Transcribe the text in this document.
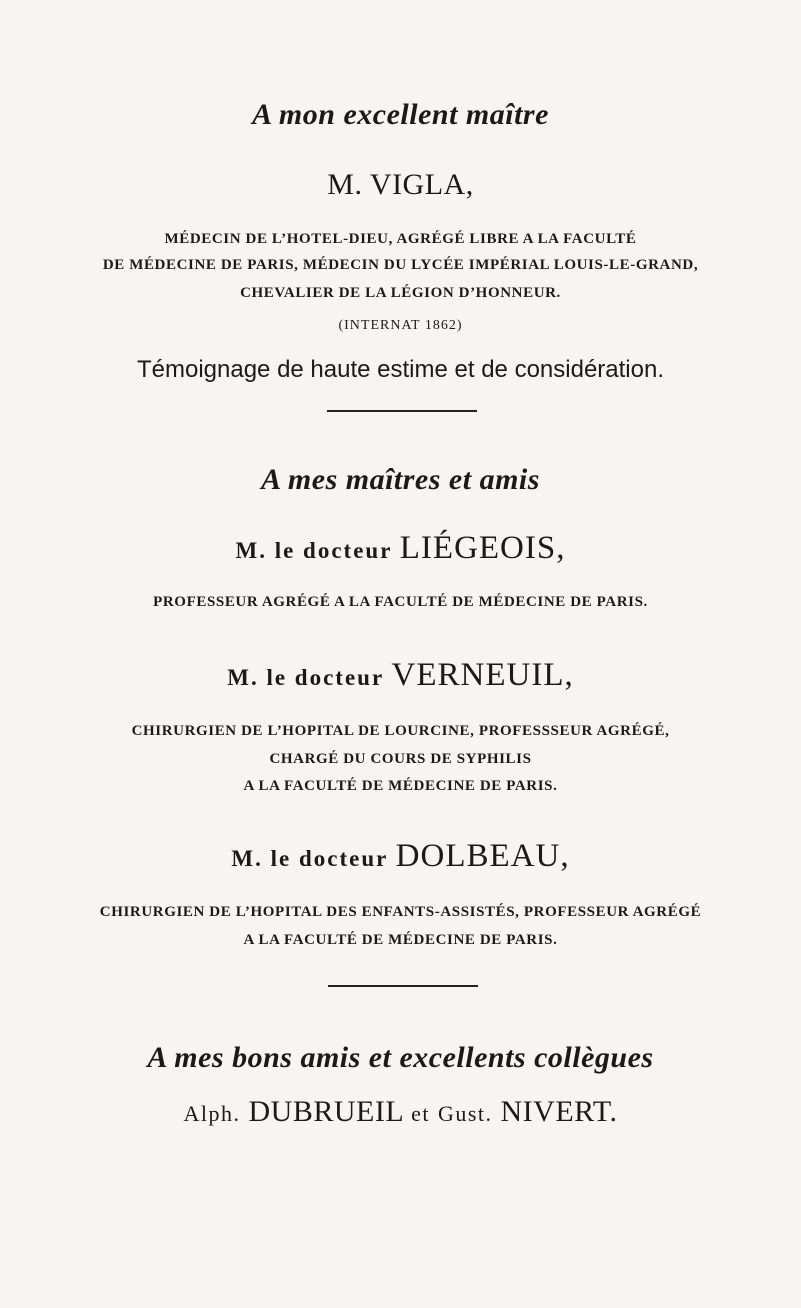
A mon excellent maître

M. VIGLA,

MÉDECIN DE L’HOTEL-DIEU, AGRÉGÉ LIBRE A LA FACULTÉ

DE MÉDECINE DE PARIS, MÉDECIN DU LYCÉE IMPÉRIAL LOUIS-LE-GRAND,

CHEVALIER DE LA LÉGION D’HONNEUR.

(INTERNAT 1862)

Témoignage de haute estime et de considération.

A mes maîtres et amis

M. le docteur LIÉGEOIS,

PROFESSEUR AGRÉGÉ A LA FACULTÉ DE MÉDECINE DE PARIS.

M. le docteur VERNEUIL,

CHIRURGIEN DE L’HOPITAL DE LOURCINE, PROFESSSEUR AGRÉGÉ,

CHARGÉ DU COURS DE SYPHILIS

A LA FACULTÉ DE MÉDECINE DE PARIS.

M. le docteur DOLBEAU,

CHIRURGIEN DE L’HOPITAL DES ENFANTS-ASSISTÉS, PROFESSEUR AGRÉGÉ

A LA FACULTÉ DE MÉDECINE DE PARIS.

A mes bons amis et excellents collègues

Alph. DUBRUEIL et Gust. NIVERT.
